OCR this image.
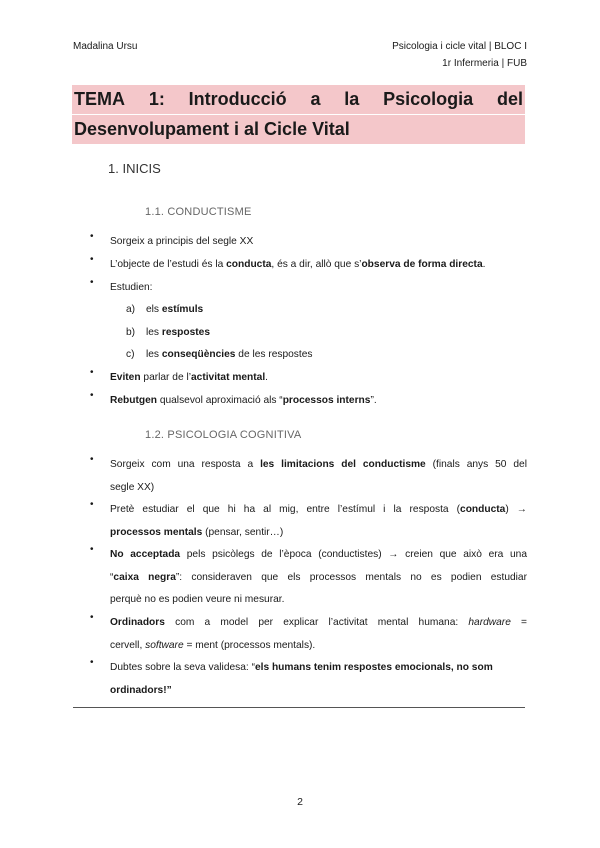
Madalina Ursu	Psicologia i cicle vital | BLOC I
1r Infermeria | FUB
TEMA 1: Introducció a la Psicologia del
Desenvolupament i al Cicle Vital
1. INICIS
1.1. CONDUCTISME
• Sorgeix a principis del segle XX
• L’objecte de l’estudi és la conducta, és a dir, allò que s’observa de forma directa.
• Estudien:
a) els estímuls
b) les respostes
c) les conseqüències de les respostes
• Eviten parlar de l’activitat mental.
• Rebutgen qualsevol aproximació als “processos interns”.
1.2. PSICOLOGIA COGNITIVA
• Sorgeix com una resposta a les limitacions del conductisme (finals anys 50 del
segle XX)
• Pretè estudiar el que hi ha al mig, entre l’estímul i la resposta (conducta) →
processos mentals (pensar, sentir…)
• No acceptada pels psicòlegs de l’època (conductistes) → creien que això era una
“caixa negra”: consideraven que els processos mentals no es podien estudiar
perquè no es podien veure ni mesurar.
• Ordinadors com a model per explicar l’activitat mental humana: hardware =
cervell, software = ment (processos mentals).
• Dubtes sobre la seva validesa: “els humans tenim respostes emocionals, no som
ordinadors!”
2
